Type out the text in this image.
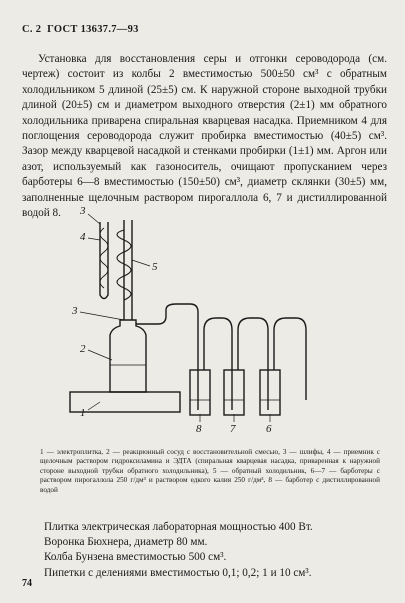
С. 2 ГОСТ 13637.7—93
Установка для восстановления серы и отгонки сероводорода (см. чертеж) состоит из колбы 2 вместимостью 500±50 см³ с обратным холодильником 5 длиной (25±5) см. К наружной стороне выходной трубки длиной (20±5) см и диаметром выходного отверстия (2±1) мм обратного холодильника приварена спиральная кварцевая насадка. Приемником 4 для поглощения сероводорода служит пробирка вместимостью (40±5) см³. Зазор между кварцевой насадкой и стенками пробирки (1±1) мм. Аргон или азот, используемый как газоноситель, очищают пропусканием через барботеры 6—8 вместимостью (150±50) см³, диаметр склянки (30±5) мм, заполненные щелочным раствором пирогаллола 6, 7 и дистиллированной водой 8.	3
4
5
3
2
1
8	7	6
1 — электроплитка, 2 — реакционный сосуд с восстановительной смесью, 3 — шлифы, 4 — приемник с щелочным раствором гидроксиламина и ЭДТА (спиральная кварцевая насадка, приваренная к наружной стороне выходной трубки обратного холодильника), 5 — обратный холодильник, 6—7 — барботеры с раствором пирогаллола 250 г/дм³ и раствором едкого калия 250 г/дм³, 8 — барботер с дистиллированной водой
Плитка электрическая лабораторная мощностью 400 Вт.
Воронка Бюхнера, диаметр 80 мм.
Колба Бунзена вместимостью 500 см³.
Пипетки с делениями вместимостью 0,1; 0,2; 1 и 10 см³.
74
